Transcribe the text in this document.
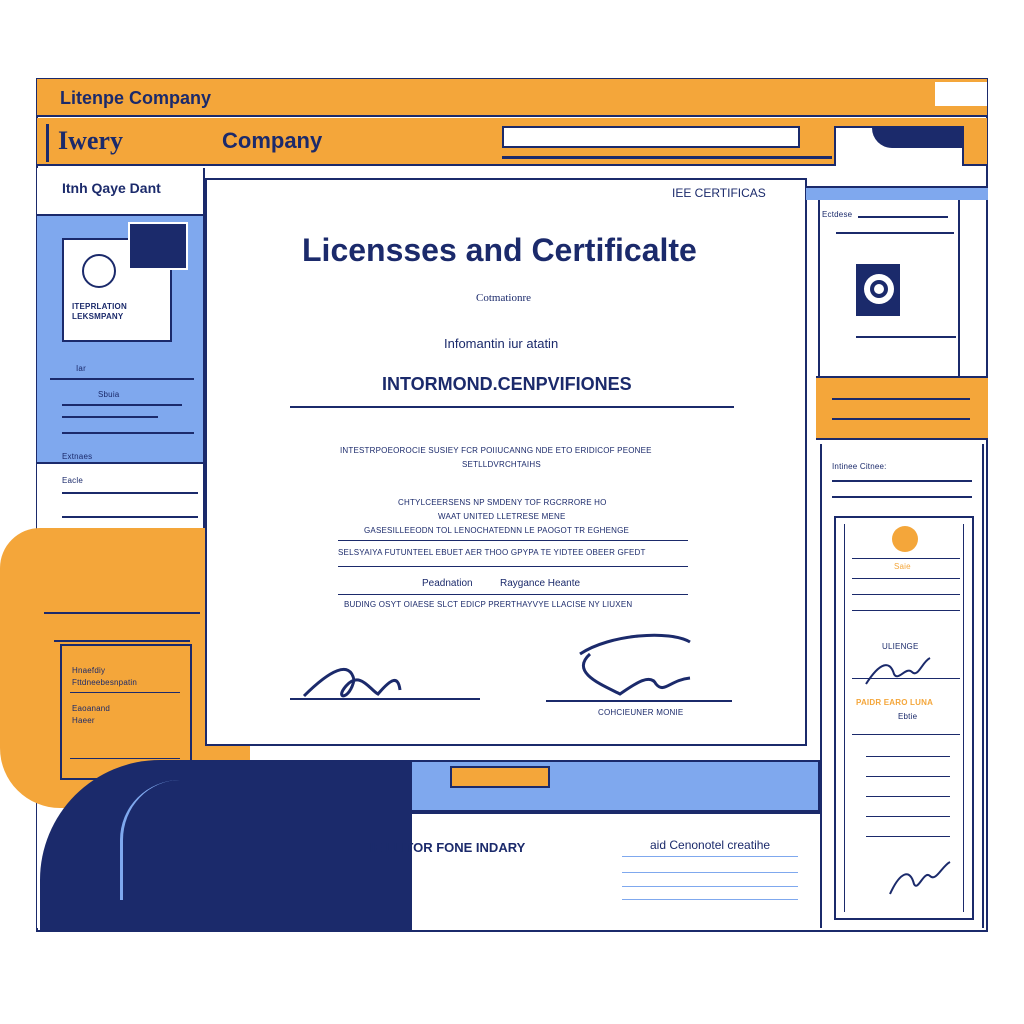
Litenpe Company
Iwery	Company
Itnh Qaye Dant
ITEPRLATION LEKSMPANY
Iar
Sbuia
Extnaes
Eacle
Hnaefdiy
Fttdneebesnpatin
Eaoanand
Haeer
IEE CERTIFICAS
Licensses and Certificalte
Cotmationre
Infomantin iur atatin
INTORMOND.CENPVIFIONES
INTESTRPOEOROCIE SUSIEY FCR POIIUCANNG NDE ETO ERIDICOF PEONEE
SETLLDVRCHTAIHS
CHTYLCEERSENS NP SMDENY TOF RGCRRORE HO
WAAT UNITED LLETRESE MENE
GASESILLEEODN TOL LENOCHATEDNN LE PAOGOT TR EGHENGE
SELSYAIYA FUTUNTEEL EBUET AER THOO GPYPA TE YIDTEE OBEER GFEDT
Peadnation	Raygance Heante
BUDING OSYT OIAESE SLCT EDICP PRERTHAYVYE LLACISE NY LIUXEN
COHCIEUNER MONIE
IE LLITOR FONE INDARY	aid Cenonotel creatihe
Ectdese
Intinee Citnee:
Saie
ULIENGE
PAIDR EARO LUNA
Ebtie
